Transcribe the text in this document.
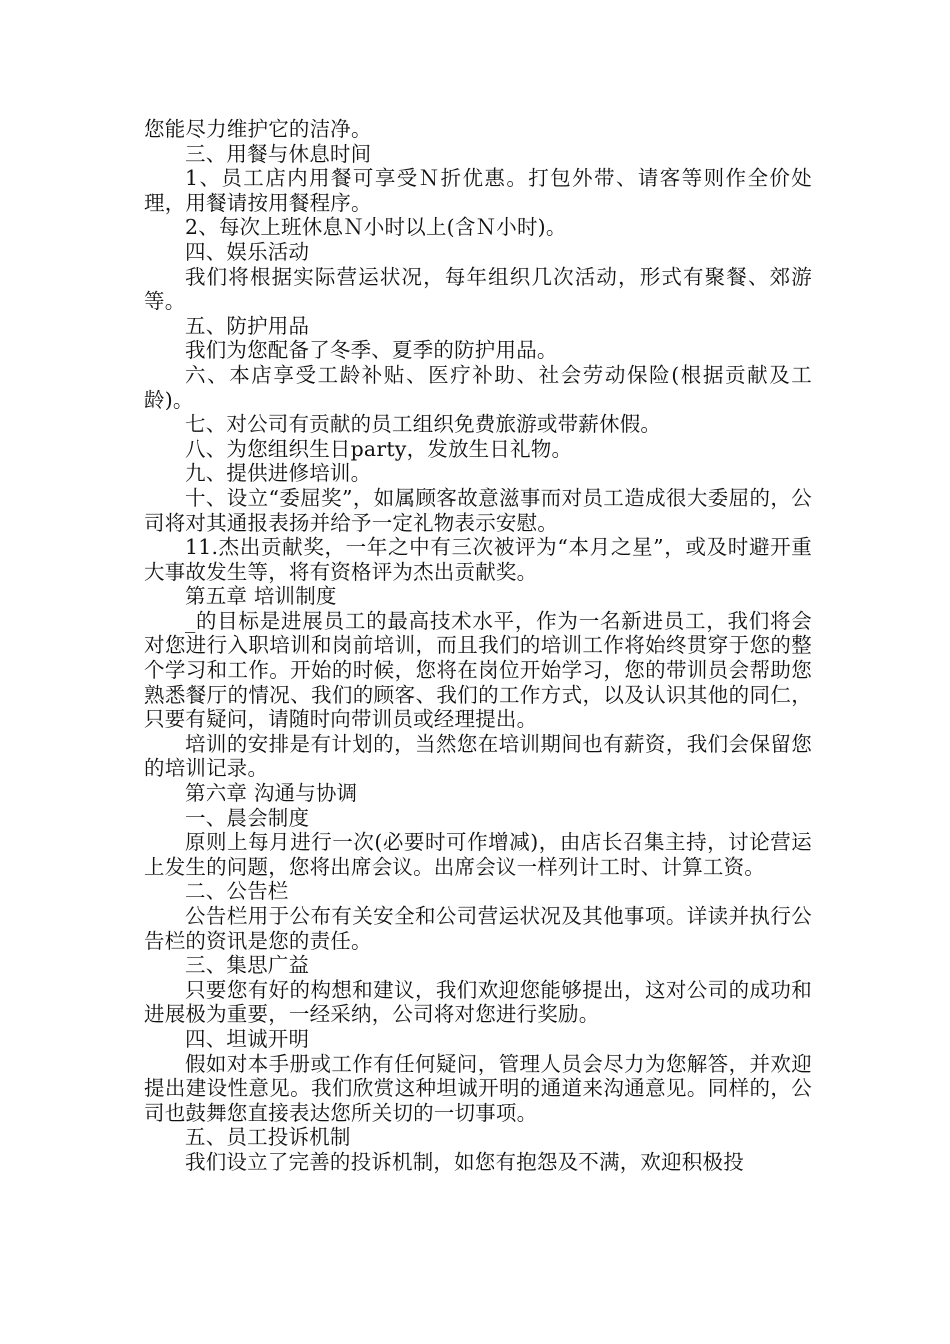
您能尽力维护它的洁净。

三、用餐与休息时间

1、员工店内用餐可享受Ｎ折优惠。打包外带、请客等则作全价处理，用餐请按用餐程序。

2、每次上班休息Ｎ小时以上(含Ｎ小时)。

四、娱乐活动

我们将根据实际营运状况，每年组织几次活动，形式有聚餐、郊游等。

五、防护用品

我们为您配备了冬季、夏季的防护用品。

六、本店享受工龄补贴、医疗补助、社会劳动保险(根据贡献及工龄)。

七、对公司有贡献的员工组织免费旅游或带薪休假。

八、为您组织生日party，发放生日礼物。

九、提供进修培训。

十、设立“委屈奖”，如属顾客故意滋事而对员工造成很大委屈的，公司将对其通报表扬并给予一定礼物表示安慰。

11.杰出贡献奖，一年之中有三次被评为“本月之星”，或及时避开重大事故发生等，将有资格评为杰出贡献奖。

第五章 培训制度

_的目标是进展员工的最高技术水平，作为一名新进员工，我们将会对您进行入职培训和岗前培训，而且我们的培训工作将始终贯穿于您的整个学习和工作。开始的时候，您将在岗位开始学习，您的带训员会帮助您熟悉餐厅的情况、我们的顾客、我们的工作方式，以及认识其他的同仁，只要有疑问，请随时向带训员或经理提出。

培训的安排是有计划的，当然您在培训期间也有薪资，我们会保留您的培训记录。

第六章 沟通与协调

一、晨会制度

原则上每月进行一次(必要时可作增减)，由店长召集主持，讨论营运上发生的问题，您将出席会议。出席会议一样列计工时、计算工资。

二、公告栏

公告栏用于公布有关安全和公司营运状况及其他事项。详读并执行公告栏的资讯是您的责任。

三、集思广益

只要您有好的构想和建议，我们欢迎您能够提出，这对公司的成功和进展极为重要，一经采纳，公司将对您进行奖励。

四、坦诚开明

假如对本手册或工作有任何疑问，管理人员会尽力为您解答，并欢迎提出建设性意见。我们欣赏这种坦诚开明的通道来沟通意见。同样的，公司也鼓舞您直接表达您所关切的一切事项。

五、员工投诉机制

我们设立了完善的投诉机制，如您有抱怨及不满，欢迎积极投
